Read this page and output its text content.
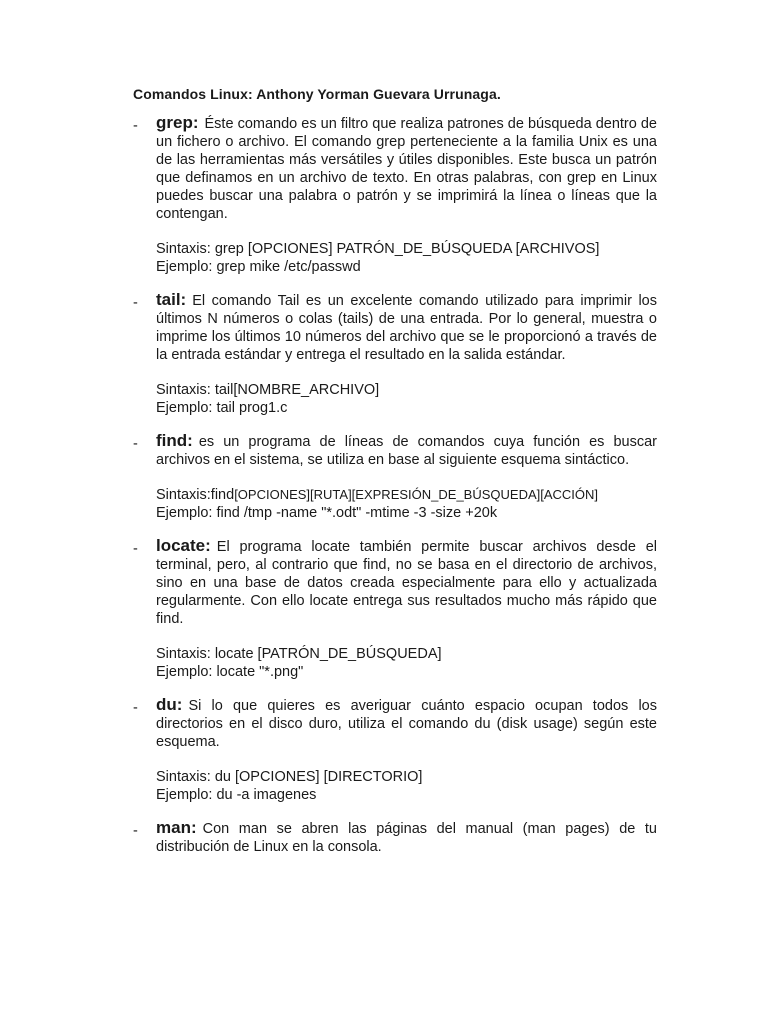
Comandos Linux: Anthony Yorman Guevara Urrunaga.
- grep: Éste comando es un filtro que realiza patrones de búsqueda dentro de un fichero o archivo. El comando grep perteneciente a la familia Unix es una de las herramientas más versátiles y útiles disponibles. Este busca un patrón que definamos en un archivo de texto. En otras palabras, con grep en Linux puedes buscar una palabra o patrón y se imprimirá la línea o líneas que la contengan.

Sintaxis: grep [OPCIONES] PATRÓN_DE_BÚSQUEDA [ARCHIVOS]
Ejemplo: grep mike /etc/passwd
- tail: El comando Tail es un excelente comando utilizado para imprimir los últimos N números o colas (tails) de una entrada. Por lo general, muestra o imprime los últimos 10 números del archivo que se le proporcionó a través de la entrada estándar y entrega el resultado en la salida estándar.

Sintaxis: tail[NOMBRE_ARCHIVO]
Ejemplo: tail prog1.c
- find: es un programa de líneas de comandos cuya función es buscar archivos en el sistema, se utiliza en base al siguiente esquema sintáctico.

Sintaxis:find[OPCIONES][RUTA][EXPRESIÓN_DE_BÚSQUEDA][ACCIÓN]
Ejemplo: find /tmp -name "*.odt" -mtime -3 -size +20k
- locate: El programa locate también permite buscar archivos desde el terminal, pero, al contrario que find, no se basa en el directorio de archivos, sino en una base de datos creada especialmente para ello y actualizada regularmente. Con ello locate entrega sus resultados mucho más rápido que find.

Sintaxis: locate [PATRÓN_DE_BÚSQUEDA]
Ejemplo: locate "*.png"
- du: Si lo que quieres es averiguar cuánto espacio ocupan todos los directorios en el disco duro, utiliza el comando du (disk usage) según este esquema.

Sintaxis: du [OPCIONES] [DIRECTORIO]
Ejemplo: du -a imagenes
- man: Con man se abren las páginas del manual (man pages) de tu distribución de Linux en la consola.
